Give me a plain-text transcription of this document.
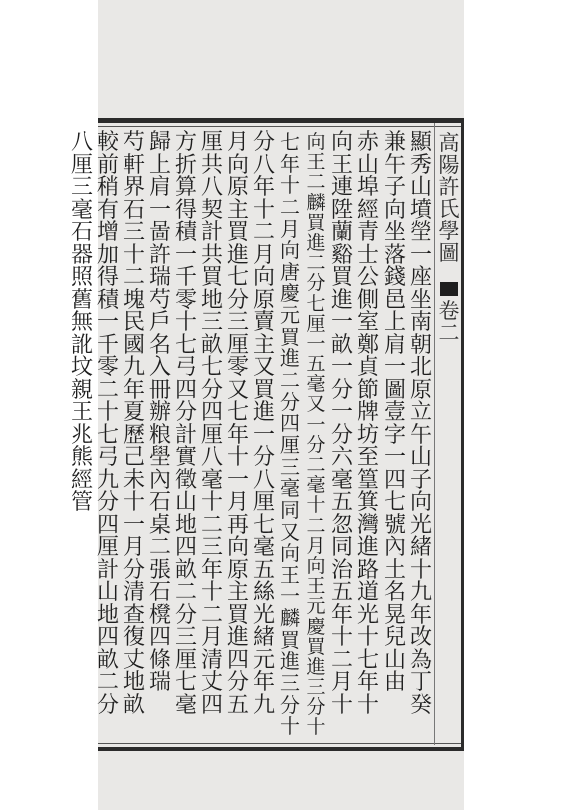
高
陽
許
氏
學
圖
卷
二
顯
秀
山
墳
塋
一
座
坐
南
朝
北
原
立
午
山
子
向
光
緒
十
九
年
改
為
丁
癸
兼
午
子
向
坐
落
錢
邑
上
肩
一
圖
壹
字
一
四
七
號
內
土
名
晃
兒
山
由
赤
山
埠
經
青
士
公
側
室
鄭
貞
節
牌
坊
至
篁
箕
灣
進
路
道
光
十
七
年
十
向
王
連
陞
蘭
谿
買
進
一
畝
一
分
一
分
六
毫
五
忽
同
治
五
年
十
二
月
十
向
王
二
麟
買
進
二
分
七
厘
一
五
毫
又
一
分
二
毫
十
二
月
向
王
元
慶
買
進
三
分
十
七
年
十
二
月
向
唐
慶
元
買
進
二
分
四
厘
三
毫
同
又
向
王
一
麟
買
進
三
分
十
分
八
年
十
二
月
向
原
賣
主
又
買
進
一
分
八
厘
七
毫
五
絲
光
緒
元
年
九
月
向
原
主
買
進
七
分
三
厘
零
又
七
年
十
一
月
再
向
原
主
買
進
四
分
五
厘
共
八
契
計
共
買
地
三
畝
七
分
四
厘
八
毫
十
二
三
年
十
二
月
清
丈
四
方
折
算
得
積
一
千
零
十
七
弓
四
分
計
實
徵
山
地
四
畝
二
分
三
厘
七
毫
歸
上
肩
一
啚
許
瑞
芍
戶
名
入
冊
辦
粮
壆
內
石
桌
二
張
石
櫈
四
條
瑞
芍
軒
界
石
三
十
二
塊
民
國
九
年
夏
歷
己
未
十
一
月
分
清
查
復
丈
地
畝
較
前
稍
有
增
加
得
積
一
千
零
二
十
七
弓
九
分
四
厘
計
山
地
四
畝
二
分
八
厘
三
毫
石
器
照
舊
無
訛
坟
親
王
兆
熊
經
管
